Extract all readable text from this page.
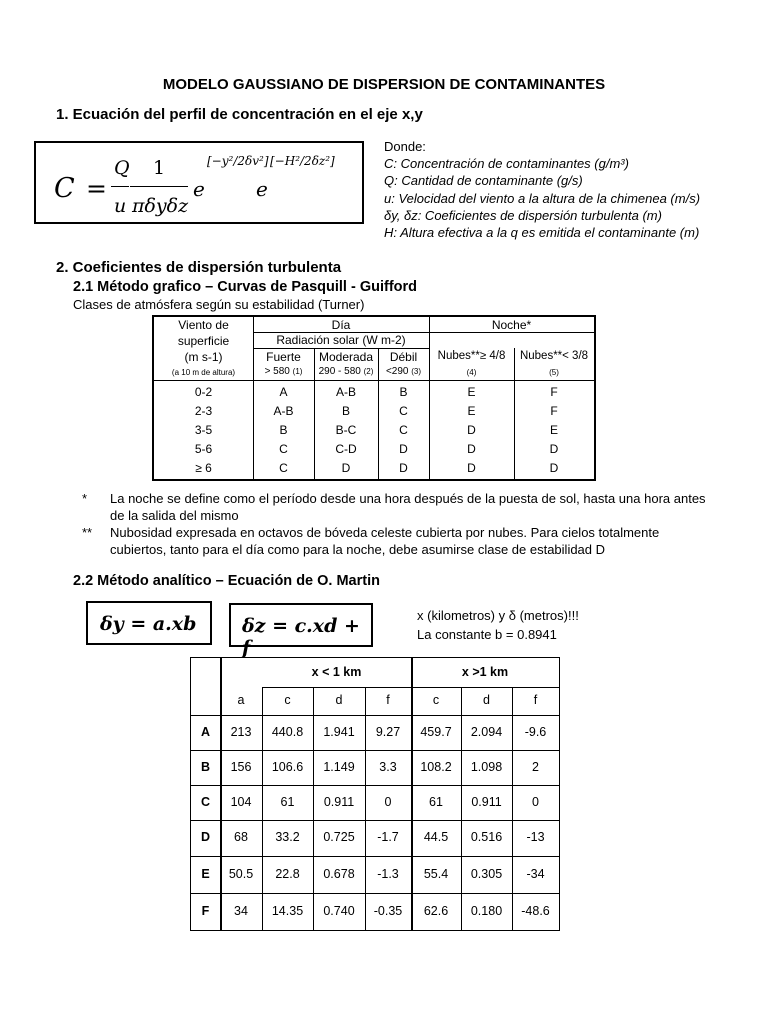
MODELO GAUSSIANO DE DISPERSION DE CONTAMINANTES
1. Ecuación del perfil de concentración en el eje x,y
C =
Q
u
1
πδyδz
e
[−y²/2δv²]
e
[−H²/2δz²]
Donde:
C: Concentración de contaminantes (g/m³)
Q: Cantidad de contaminante (g/s)
u: Velocidad del viento a la altura de la chimenea (m/s)
δy, δz: Coeficientes de dispersión turbulenta (m)
H: Altura efectiva a la q es emitida el contaminante (m)
2. Coeficientes de dispersión turbulenta
2.1 Método grafico – Curvas de Pasquill - Guifford
Clases de atmósfera según su estabilidad (Turner)
Viento de
superficie
(m s-1)
(a 10 m de altura)
Día	Noche*
Radiación solar (W m-2)
Fuerte	Moderada	Débil	Nubes**≥ 4/8	Nubes**< 3/8
> 580 (1)	290 - 580 (2)	<290 (3)	(4)	(5)
0-2	A	A-B	B	E	F
2-3	A-B	B	C	E	F
3-5	B	B-C	C	D	E
5-6	C	C-D	D	D	D
≥ 6	C	D	D	D	D
* La noche se define como el período desde una hora después de la puesta de sol, hasta una hora antes de la salida del mismo
** Nubosidad expresada en octavos de bóveda celeste cubierta por nubes. Para cielos totalmente cubiertos, tanto para el día como para la noche, debe asumirse clase de estabilidad D
2.2 Método analítico – Ecuación de O. Martin
δy = a.xb δz = c.xd + f
x (kilometros) y δ (metros)!!!
La constante b = 0.8941
x < 1 km	x >1 km
a	c	d	f	c	d	f
A	213	440.8	1.941	9.27	459.7	2.094	-9.6
B	156	106.6	1.149	3.3	108.2	1.098	2
C	104	61	0.911	0	61	0.911	0
D	68	33.2	0.725	-1.7	44.5	0.516	-13
E	50.5	22.8	0.678	-1.3	55.4	0.305	-34
F	34	14.35	0.740	-0.35	62.6	0.180	-48.6
